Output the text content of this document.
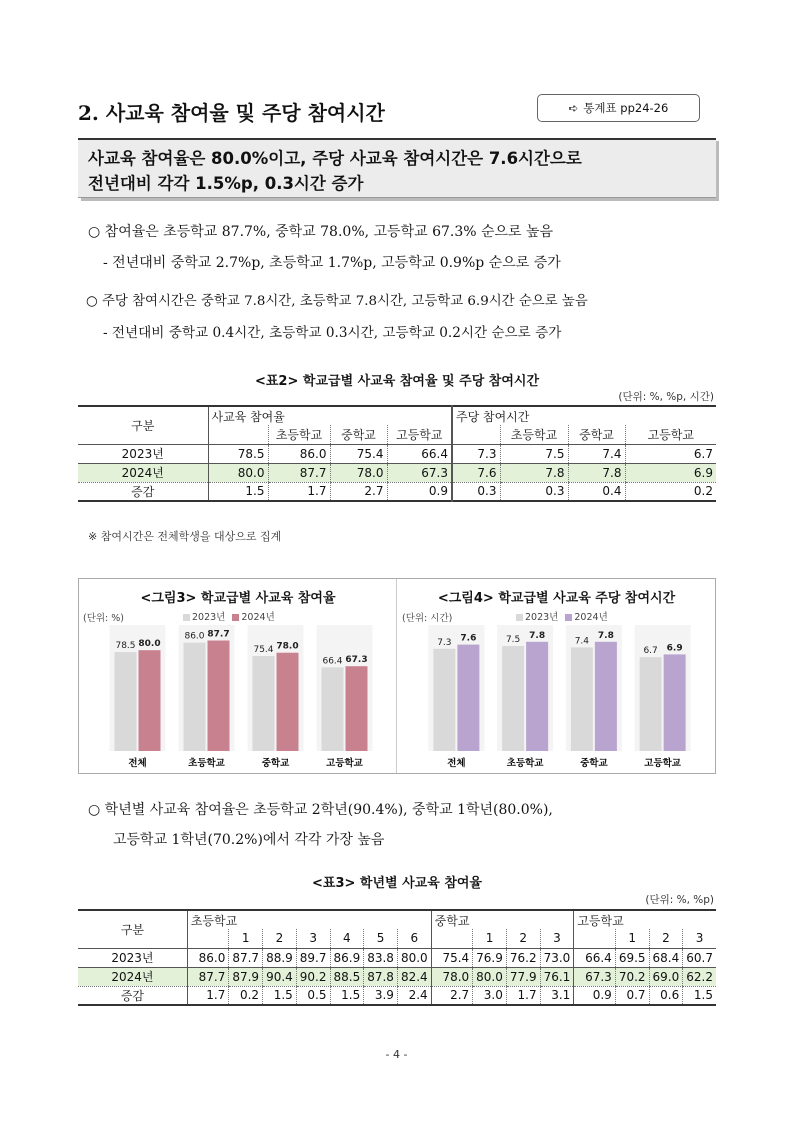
2. 사교육 참여율 및 주당 참여시간	➪ 통계표 pp24-26
사교육 참여율은 80.0%이고, 주당 사교육 참여시간은 7.6시간으로
전년대비 각각 1.5%p, 0.3시간 증가
○ 참여율은 초등학교 87.7%, 중학교 78.0%, 고등학교 67.3% 순으로 높음
- 전년대비 중학교 2.7%p, 초등학교 1.7%p, 고등학교 0.9%p 순으로 증가
○ 주당 참여시간은 중학교 7.8시간, 초등학교 7.8시간, 고등학교 6.9시간 순으로 높음
- 전년대비 중학교 0.4시간, 초등학교 0.3시간, 고등학교 0.2시간 순으로 증가
<표2> 학교급별 사교육 참여율 및 주당 참여시간
(단위: %, %p, 시간)
구분	사교육 참여율				주당 참여시간			
		초등학교	중학교	고등학교		초등학교	중학교	고등학교
2023년	78.5	86.0	75.4	66.4	7.3	7.5	7.4	6.7
2024년	80.0	87.7	78.0	67.3	7.6	7.8	7.8	6.9
증감	1.5	1.7	2.7	0.9	0.3	0.3	0.4	0.2
※ 참여시간은 전체학생을 대상으로 집계
<그림3> 학교급별 사교육 참여율
(단위: %)	2023년 2024년
78.5 80.0
전체
86.0 87.7
초등학교
75.4 78.0
중학교
66.4 67.3
고등학교
<그림4> 학교급별 사교육 주당 참여시간
(단위: 시간)	2023년 2024년
7.3 7.6
전체
7.5 7.8
초등학교
7.4
7.8
중학교
6.7 6.9
고등학교
○ 학년별 사교육 참여율은 초등학교 2학년(90.4%), 중학교 1학년(80.0%),
고등학교 1학년(70.2%)에서 각각 가장 높음
<표3> 학년별 사교육 참여율
(단위: %, %p)
구분	초등학교							중학교				고등학교			
		1	2	3	4	5	6		1	2	3		1	2	3
2023년	86.0	87.7	88.9	89.7	86.9	83.8	80.0	75.4	76.9	76.2	73.0	66.4	69.5	68.4	60.7
2024년	87.7	87.9	90.4	90.2	88.5	87.8	82.4	78.0	80.0	77.9	76.1	67.3	70.2	69.0	62.2
증감	1.7	0.2	1.5	0.5	1.5	3.9	2.4	2.7	3.0	1.7	3.1	0.9	0.7	0.6	1.5
- 4 -
